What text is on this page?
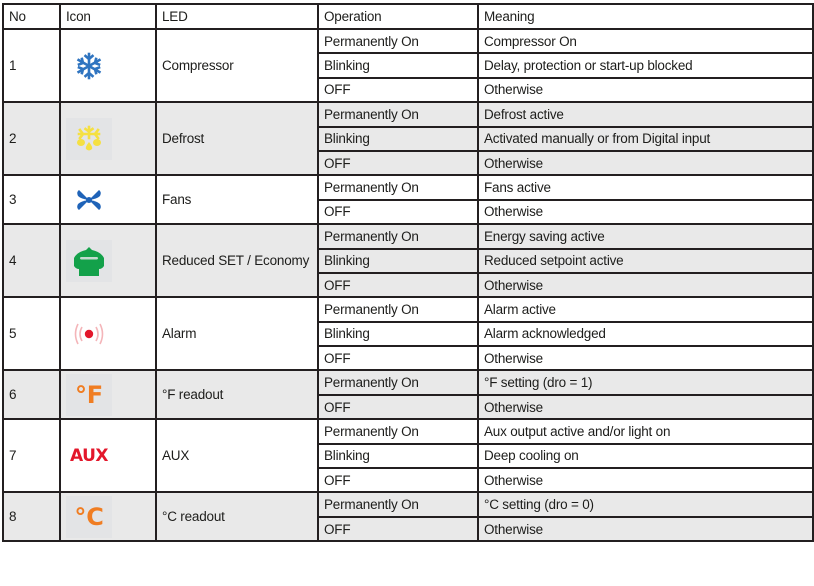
No	Icon	LED	Operation	Meaning
1		Compressor	Permanently On	Compressor On
			Blinking	Delay, protection or start-up blocked
			OFF	Otherwise
2		Defrost	Permanently On	Defrost active
			Blinking	Activated manually or from Digital input
			OFF	Otherwise
3		Fans	Permanently On	Fans active
			OFF	Otherwise
4		Reduced SET / Economy	Permanently On	Energy saving active
			Blinking	Reduced setpoint active
			OFF	Otherwise
5		Alarm	Permanently On	Alarm active
			Blinking	Alarm acknowledged
			OFF	Otherwise
6	°F	°F readout	Permanently On	°F setting (dro = 1)
			OFF	Otherwise
7	AUX	AUX	Permanently On	Aux output active and/or light on
			Blinking	Deep cooling on
			OFF	Otherwise
8	°C	°C readout	Permanently On	°C setting (dro = 0)
			OFF	Otherwise
